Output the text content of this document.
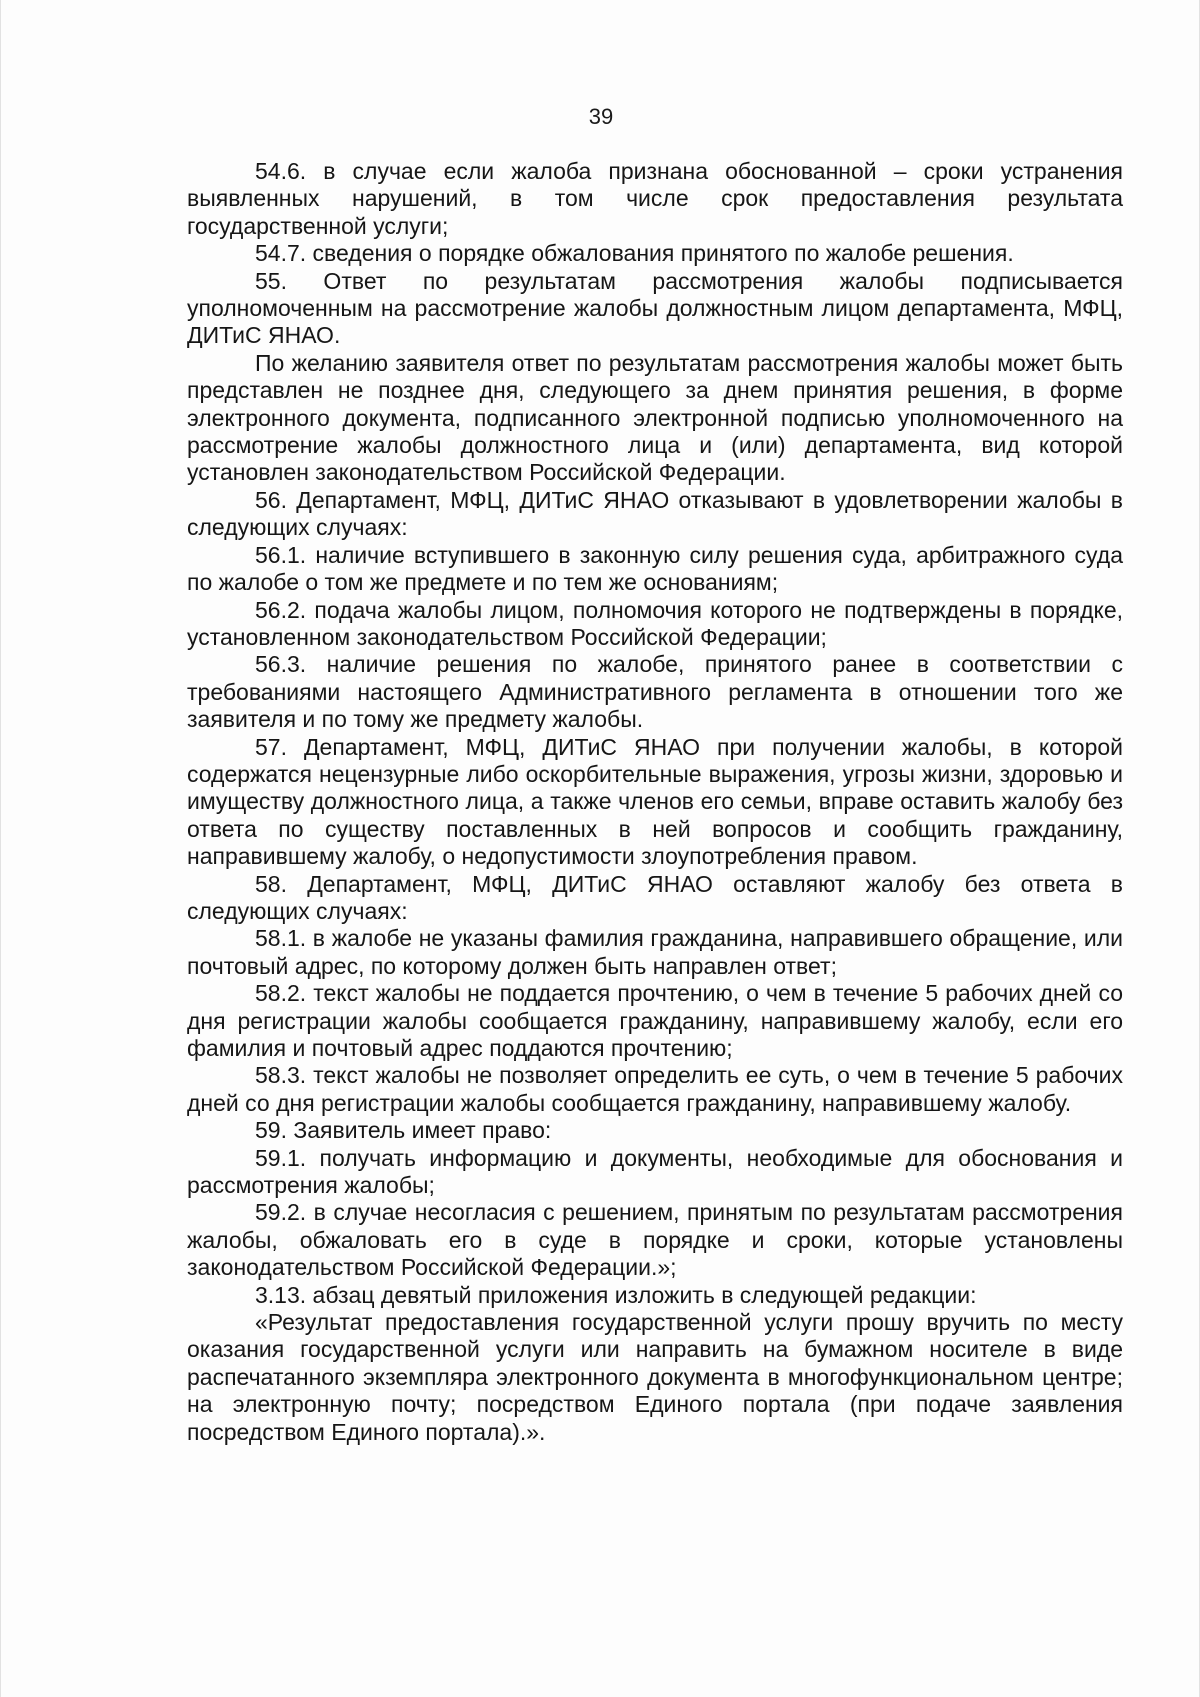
39

54.6. в случае если жалоба признана обоснованной – сроки устранения выявленных нарушений, в том числе срок предоставления результата государственной услуги;

54.7. сведения о порядке обжалования принятого по жалобе решения.

55. Ответ по результатам рассмотрения жалобы подписывается уполномоченным на рассмотрение жалобы должностным лицом департамента, МФЦ, ДИТиС ЯНАО.

По желанию заявителя ответ по результатам рассмотрения жалобы может быть представлен не позднее дня, следующего за днем принятия решения, в форме электронного документа, подписанного электронной подписью уполномоченного на рассмотрение жалобы должностного лица и (или) департамента, вид которой установлен законодательством Российской Федерации.

56. Департамент, МФЦ, ДИТиС ЯНАО отказывают в удовлетворении жалобы в следующих случаях:

56.1. наличие вступившего в законную силу решения суда, арбитражного суда по жалобе о том же предмете и по тем же основаниям;

56.2. подача жалобы лицом, полномочия которого не подтверждены в порядке, установленном законодательством Российской Федерации;

56.3. наличие решения по жалобе, принятого ранее в соответствии с требованиями настоящего Административного регламента в отношении того же заявителя и по тому же предмету жалобы.

57. Департамент, МФЦ, ДИТиС ЯНАО при получении жалобы, в которой содержатся нецензурные либо оскорбительные выражения, угрозы жизни, здоровью и имуществу должностного лица, а также членов его семьи, вправе оставить жалобу без ответа по существу поставленных в ней вопросов и сообщить гражданину, направившему жалобу, о недопустимости злоупотребления правом.

58. Департамент, МФЦ, ДИТиС ЯНАО оставляют жалобу без ответа в следующих случаях:

58.1. в жалобе не указаны фамилия гражданина, направившего обращение, или почтовый адрес, по которому должен быть направлен ответ;

58.2. текст жалобы не поддается прочтению, о чем в течение 5 рабочих дней со дня регистрации жалобы сообщается гражданину, направившему жалобу, если его фамилия и почтовый адрес поддаются прочтению;

58.3. текст жалобы не позволяет определить ее суть, о чем в течение 5 рабочих дней со дня регистрации жалобы сообщается гражданину, направившему жалобу.

59. Заявитель имеет право:

59.1. получать информацию и документы, необходимые для обоснования и рассмотрения жалобы;

59.2. в случае несогласия с решением, принятым по результатам рассмотрения жалобы, обжаловать его в суде в порядке и сроки, которые установлены законодательством Российской Федерации.»;

3.13. абзац девятый приложения изложить в следующей редакции:

«Результат предоставления государственной услуги прошу вручить по месту оказания государственной услуги или направить на бумажном носителе в виде распечатанного экземпляра электронного документа в многофункциональном центре; на электронную почту; посредством Единого портала (при подаче заявления посредством Единого портала).».
